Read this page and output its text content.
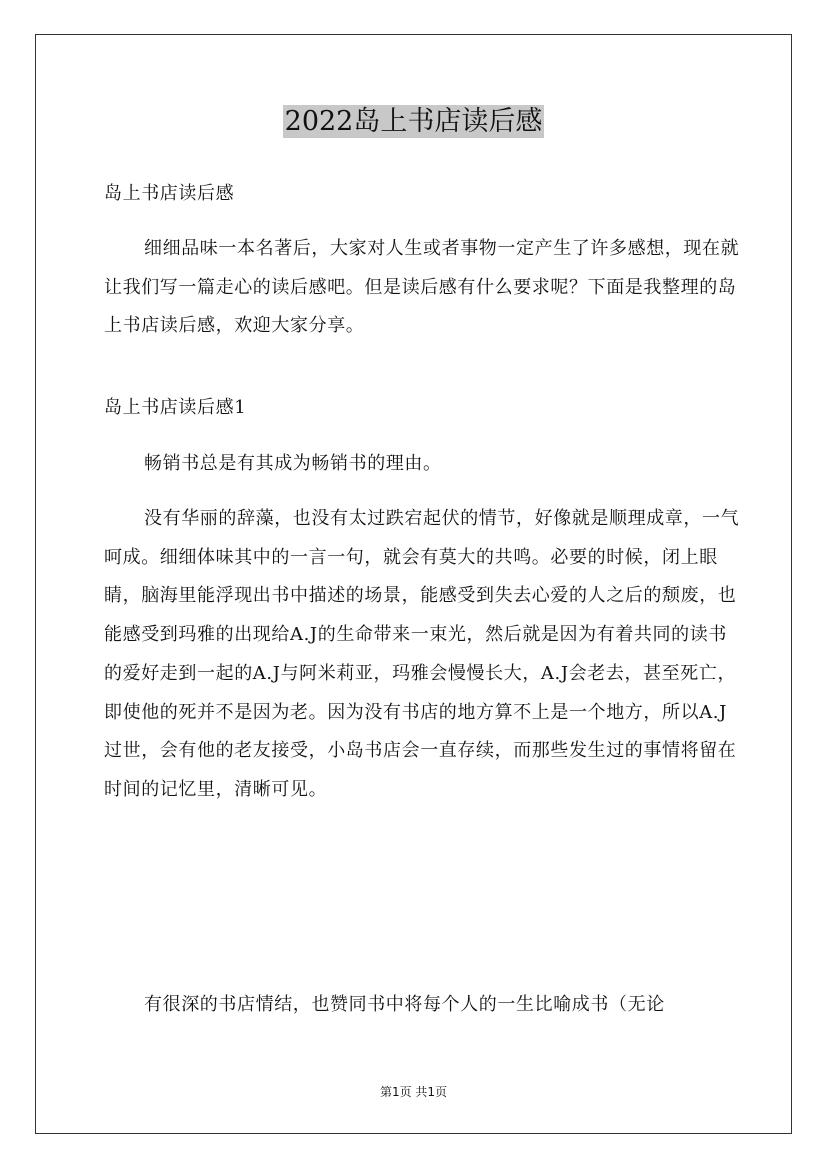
2022岛上书店读后感

岛上书店读后感

细细品味一本名著后，大家对人生或者事物一定产生了许多感想，现在就让我们写一篇走心的读后感吧。但是读后感有什么要求呢？下面是我整理的岛上书店读后感，欢迎大家分享。

岛上书店读后感1

畅销书总是有其成为畅销书的理由。

没有华丽的辞藻，也没有太过跌宕起伏的情节，好像就是顺理成章，一气呵成。细细体味其中的一言一句，就会有莫大的共鸣。必要的时候，闭上眼睛，脑海里能浮现出书中描述的场景，能感受到失去心爱的人之后的颓废，也能感受到玛雅的出现给A.J的生命带来一束光，然后就是因为有着共同的读书的爱好走到一起的A.J与阿米莉亚，玛雅会慢慢长大，A.J会老去，甚至死亡，即使他的死并不是因为老。因为没有书店的地方算不上是一个地方，所以A.J过世，会有他的老友接受，小岛书店会一直存续，而那些发生过的事情将留在时间的记忆里，清晰可见。

有很深的书店情结，也赞同书中将每个人的一生比喻成书（无论

第1页 共1页
